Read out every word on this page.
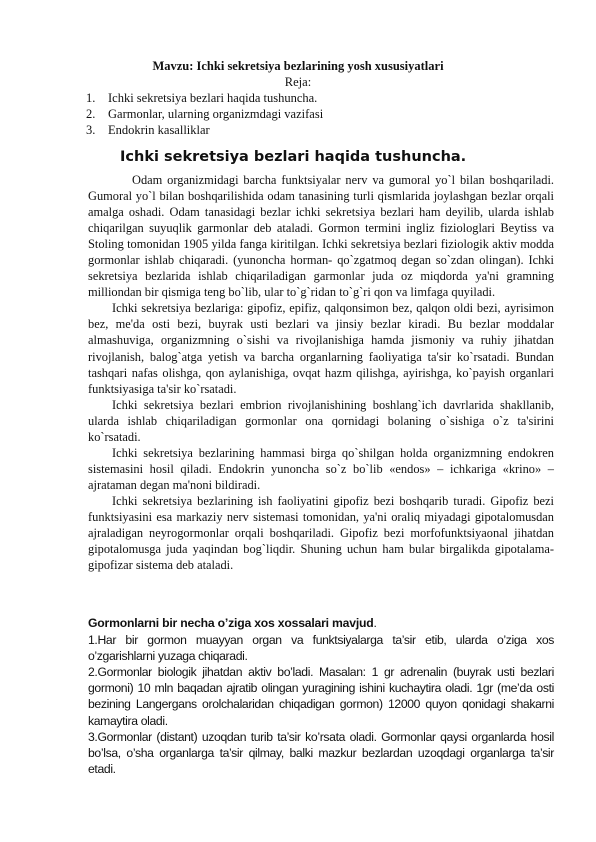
Mavzu: Ichki sekretsiya bezlarining yosh xususiyatlari
Reja:
1. Ichki sekretsiya bezlari haqida tushuncha.
2. Garmonlar, ularning organizmdagi vazifasi
3. Endokrin kasalliklar
Ichki sekretsiya bezlari haqida tushuncha.

Odam organizmidagi barcha funktsiyalar nerv va gumoral yo`l bilan boshqariladi. Gumoral yo`l bilan boshqarilishida odam tanasining turli qismlarida joylashgan bezlar orqali amalga oshadi. Odam tanasidagi bezlar ichki sekretsiya bezlari ham deyilib, ularda ishlab chiqarilgan suyuqlik garmonlar deb ataladi. Gormon termini ingliz fiziologlari Beytiss va Stoling tomonidan 1905 yilda fanga kiritilgan. Ichki sekretsiya bezlari fiziologik aktiv modda gormonlar ishlab chiqaradi. (yunoncha horman- qo`zgatmoq degan so`zdan olingan). Ichki sekretsiya bezlarida ishlab chiqariladigan garmonlar juda oz miqdorda ya'ni gramning milliondan bir qismiga teng bo`lib, ular to`g`ridan to`g`ri qon va limfaga quyiladi.

Ichki sekretsiya bezlariga: gipofiz, epifiz, qalqonsimon bez, qalqon oldi bezi, ayrisimon bez, me'da osti bezi, buyrak usti bezlari va jinsiy bezlar kiradi. Bu bezlar moddalar almashuviga, organizmning o`sishi va rivojlanishiga hamda jismoniy va ruhiy jihatdan rivojlanish, balog`atga yetish va barcha organlarning faoliyatiga ta'sir ko`rsatadi. Bundan tashqari nafas olishga, qon aylanishiga, ovqat hazm qilishga, ayirishga, ko`payish organlari funktsiyasiga ta'sir ko`rsatadi.

Ichki sekretsiya bezlari embrion rivojlanishining boshlang`ich davrlarida shakllanib, ularda ishlab chiqariladigan gormonlar ona qornidagi bolaning o`sishiga o`z ta'sirini ko`rsatadi.

Ichki sekretsiya bezlarining hammasi birga qo`shilgan holda organizmning endokren sistemasini hosil qiladi. Endokrin yunoncha so`z bo`lib «endos» – ichkariga «krino» –ajrataman degan ma'noni bildiradi.

Ichki sekretsiya bezlarining ish faoliyatini gipofiz bezi boshqarib turadi. Gipofiz bezi funktsiyasini esa markaziy nerv sistemasi tomonidan, ya'ni oraliq miyadagi gipotalomusdan ajraladigan neyrogormonlar orqali boshqariladi. Gipofiz bezi morfofunktsiyaonal jihatdan gipotalomusga juda yaqindan bog`liqdir. Shuning uchun ham bular birgalikda gipotalama-gipofizar sistema deb ataladi.

Gormonlarni bir necha o’ziga xos xossalari mavjud.

1.Har bir gormon muayyan organ va funktsiyalarga ta’sir etib, ularda o’ziga xos o’zgarishlarni yuzaga chiqaradi.

2.Gormonlar biologik jihatdan aktiv bo’ladi. Masalan: 1 gr adrenalin (buyrak usti bezlari gormoni) 10 mln baqadan ajratib olingan yuragining ishini kuchaytira oladi. 1gr (me’da osti bezining Langergans orolchalaridan chiqadigan gormon) 12000 quyon qonidagi shakarni kamaytira oladi.

3.Gormonlar (distant) uzoqdan turib ta’sir ko’rsata oladi. Gormonlar qaysi organlarda hosil bo’lsa, o’sha organlarga ta’sir qilmay, balki mazkur bezlardan uzoqdagi organlarga ta’sir etadi.
